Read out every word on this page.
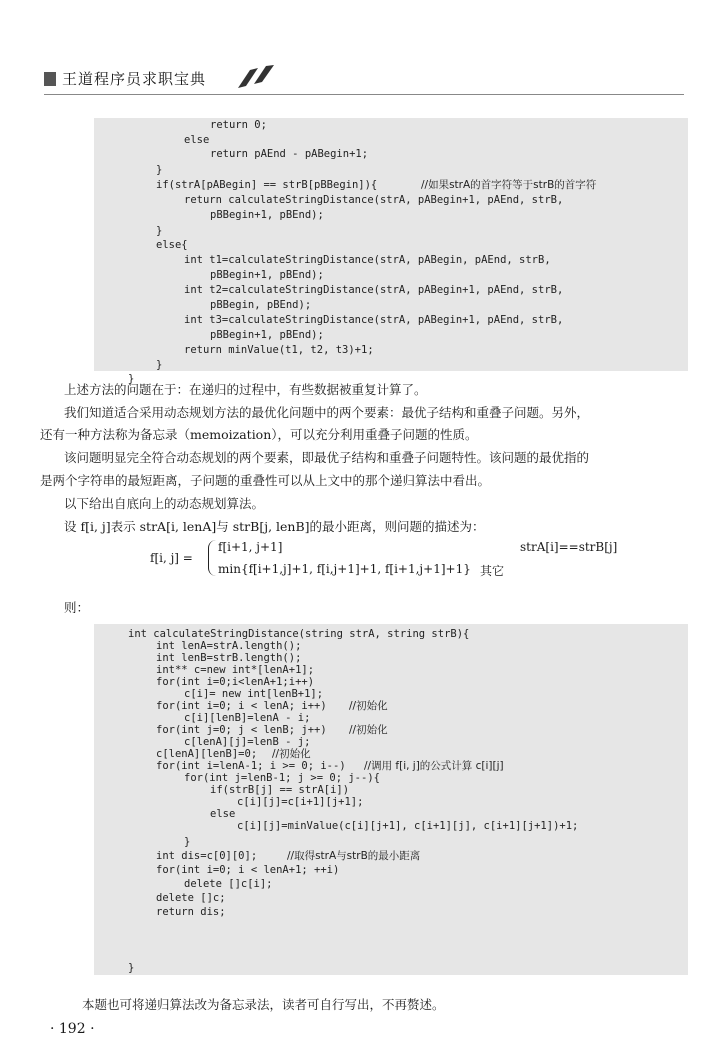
王道程序员求职宝典
return 0;
else
return pAEnd - pABegin+1;
}
if(strA[pABegin] == strB[pBBegin]){	//如果strA的首字符等于strB的首字符
return calculateStringDistance(strA, pABegin+1, pAEnd, strB,
pBBegin+1, pBEnd);
}
else{
int t1=calculateStringDistance(strA, pABegin, pAEnd, strB,
pBBegin+1, pBEnd);
int t2=calculateStringDistance(strA, pABegin+1, pAEnd, strB,
pBBegin, pBEnd);
int t3=calculateStringDistance(strA, pABegin+1, pAEnd, strB,
pBBegin+1, pBEnd);
return minValue(t1, t2, t3)+1;
}
}
上述方法的问题在于：在递归的过程中，有些数据被重复计算了。
我们知道适合采用动态规划方法的最优化问题中的两个要素：最优子结构和重叠子问题。另外，
还有一种方法称为备忘录（memoization），可以充分利用重叠子问题的性质。
该问题明显完全符合动态规划的两个要素，即最优子结构和重叠子问题特性。该问题的最优指的
是两个字符串的最短距离，子问题的重叠性可以从上文中的那个递归算法中看出。
以下给出自底向上的动态规划算法。
设 f[i, j]表示 strA[i, lenA]与 strB[j, lenB]的最小距离，则问题的描述为：
f[i, j] =
f[i+1, j+1]	strA[i]==strB[j]
min{f[i+1,j]+1, f[i,j+1]+1, f[i+1,j+1]+1} 其它
则：
int calculateStringDistance(string strA, string strB){
int lenA=strA.length();
int lenB=strB.length();
int** c=new int*[lenA+1];
for(int i=0;i<lenA+1;i++)
c[i]= new int[lenB+1];
for(int i=0; i < lenA; i++) //初始化
c[i][lenB]=lenA - i;
for(int j=0; j < lenB; j++) //初始化
c[lenA][j]=lenB - j;
c[lenA][lenB]=0; //初始化
for(int i=lenA-1; i >= 0; i--) //调用 f[i, j]的公式计算 c[i][j]
for(int j=lenB-1; j >= 0; j--){
if(strB[j] == strA[i])
c[i][j]=c[i+1][j+1];
else
c[i][j]=minValue(c[i][j+1], c[i+1][j], c[i+1][j+1])+1;
}
int dis=c[0][0];	//取得strA与strB的最小距离
for(int i=0; i < lenA+1; ++i)
delete []c[i];
delete []c;
return dis;
}
本题也可将递归算法改为备忘录法，读者可自行写出，不再赘述。
· 192 ·
